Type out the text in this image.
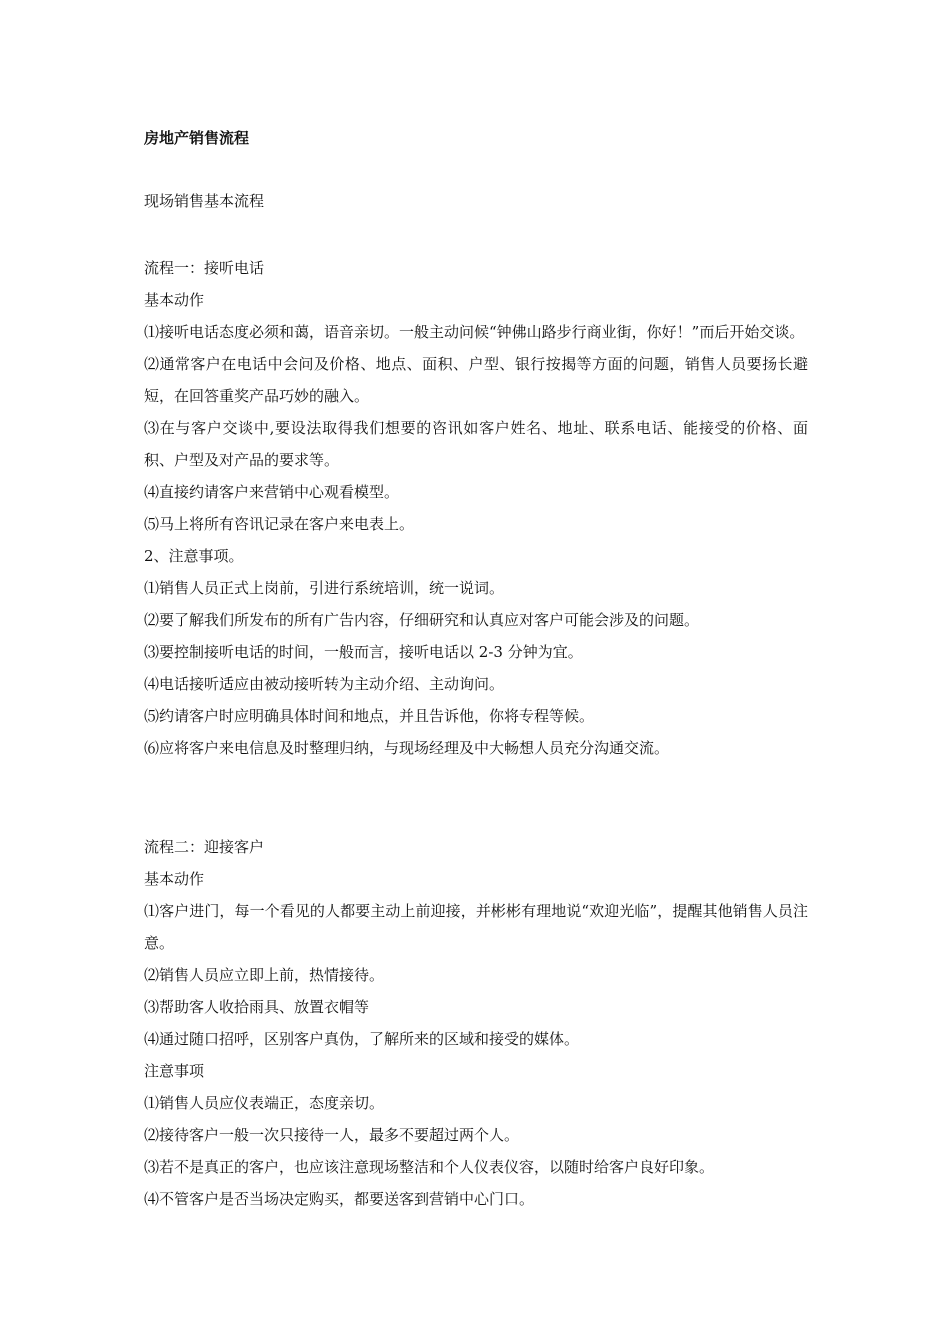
房地产销售流程
现场销售基本流程

流程一：接听电话

基本动作

⑴接听电话态度必须和蔼，语音亲切。一般主动问候“钟佛山路步行商业街，你好！”而后开始交谈。

⑵通常客户在电话中会问及价格、地点、面积、户型、银行按揭等方面的问题，销售人员要扬长避短，在回答重奖产品巧妙的融入。

⑶在与客户交谈中,要设法取得我们想要的咨讯如客户姓名、地址、联系电话、能接受的价格、面积、户型及对产品的要求等。

⑷直接约请客户来营销中心观看模型。

⑸马上将所有咨讯记录在客户来电表上。

2、注意事项。

⑴销售人员正式上岗前，引进行系统培训，统一说词。

⑵要了解我们所发布的所有广告内容，仔细研究和认真应对客户可能会涉及的问题。

⑶要控制接听电话的时间，一般而言，接听电话以 2-3 分钟为宜。

⑷电话接听适应由被动接听转为主动介绍、主动询问。

⑸约请客户时应明确具体时间和地点，并且告诉他，你将专程等候。

⑹应将客户来电信息及时整理归纳，与现场经理及中大畅想人员充分沟通交流。

流程二：迎接客户

基本动作

⑴客户进门，每一个看见的人都要主动上前迎接，并彬彬有理地说“欢迎光临”，提醒其他销售人员注意。

⑵销售人员应立即上前，热情接待。

⑶帮助客人收拾雨具、放置衣帽等

⑷通过随口招呼，区别客户真伪，了解所来的区域和接受的媒体。

注意事项

⑴销售人员应仪表端正，态度亲切。

⑵接待客户一般一次只接待一人，最多不要超过两个人。

⑶若不是真正的客户，也应该注意现场整洁和个人仪表仪容，以随时给客户良好印象。

⑷不管客户是否当场决定购买，都要送客到营销中心门口。
